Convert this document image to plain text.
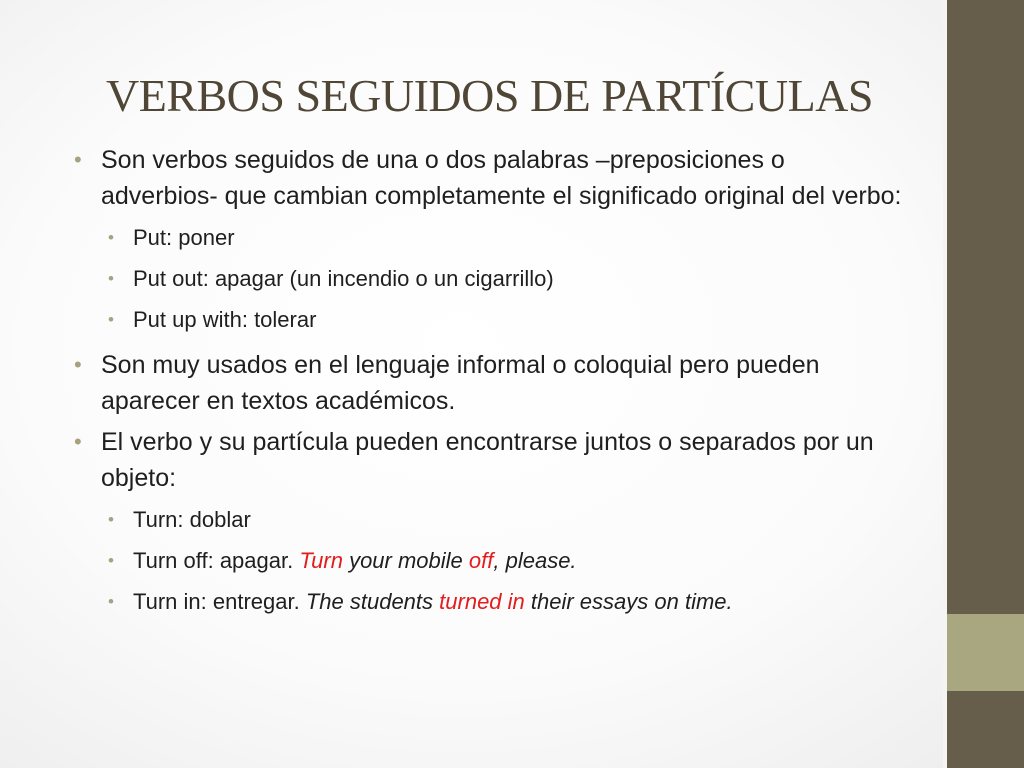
VERBOS SEGUIDOS DE PARTÍCULAS
• Son verbos seguidos de una o dos palabras –preposiciones o adverbios- que cambian completamente el significado original del verbo:
• Put: poner
• Put out: apagar (un incendio o un cigarrillo)
• Put up with: tolerar
• Son muy usados en el lenguaje informal o coloquial pero pueden aparecer en textos académicos.
• El verbo y su partícula pueden encontrarse juntos o separados por un objeto:
• Turn: doblar
• Turn off: apagar. Turn your mobile off, please.
• Turn in: entregar. The students turned in their essays on time.
